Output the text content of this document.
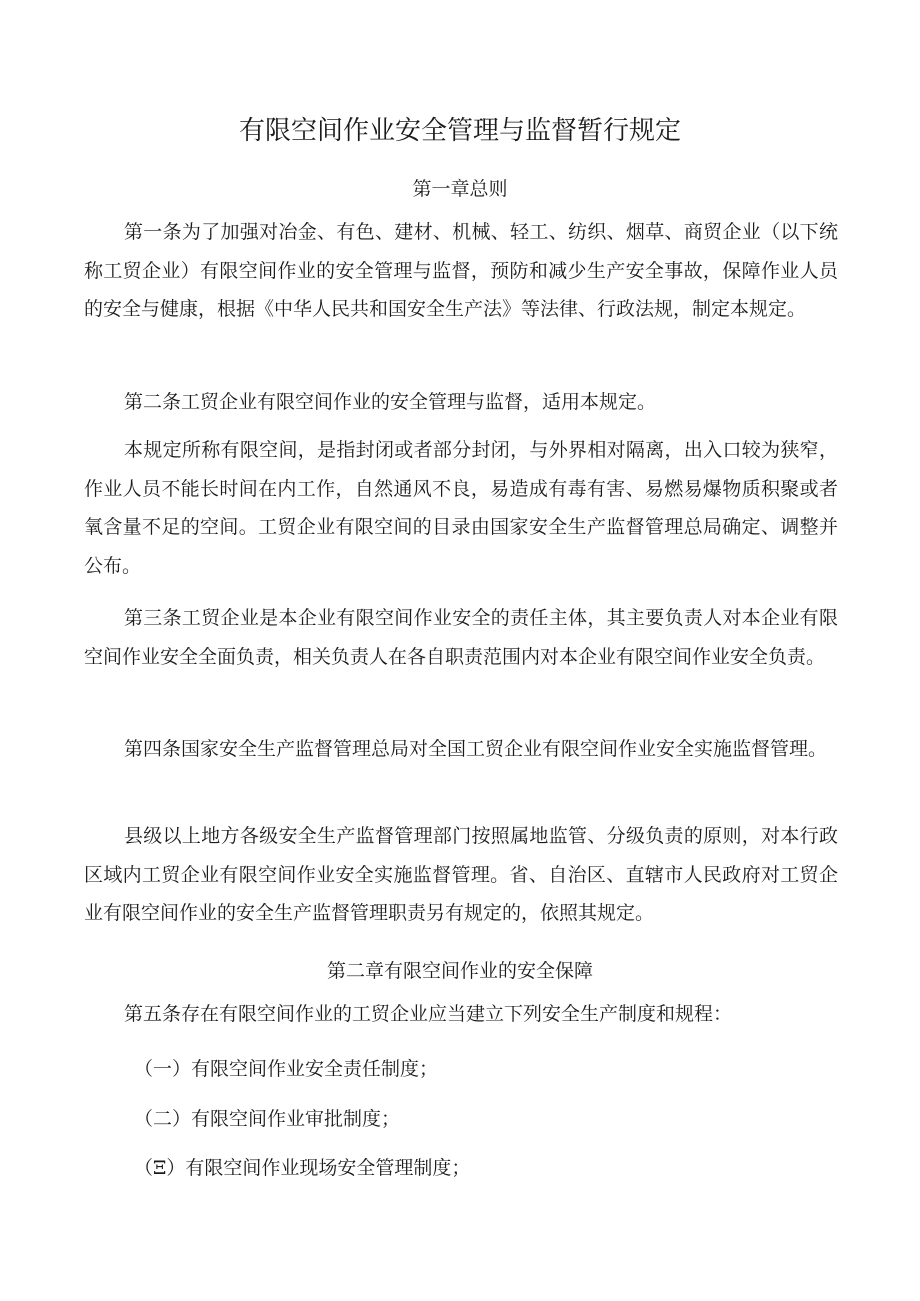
有限空间作业安全管理与监督暂行规定

第一章总则

第一条为了加强对冶金、有色、建材、机械、轻工、纺织、烟草、商贸企业（以下统称工贸企业）有限空间作业的安全管理与监督，预防和减少生产安全事故，保障作业人员的安全与健康，根据《中华人民共和国安全生产法》等法律、行政法规，制定本规定。

第二条工贸企业有限空间作业的安全管理与监督，适用本规定。

本规定所称有限空间，是指封闭或者部分封闭，与外界相对隔离，出入口较为狭窄，作业人员不能长时间在内工作，自然通风不良，易造成有毒有害、易燃易爆物质积聚或者氧含量不足的空间。工贸企业有限空间的目录由国家安全生产监督管理总局确定、调整并公布。

第三条工贸企业是本企业有限空间作业安全的责任主体，其主要负责人对本企业有限空间作业安全全面负责，相关负责人在各自职责范围内对本企业有限空间作业安全负责。

第四条国家安全生产监督管理总局对全国工贸企业有限空间作业安全实施监督管理。

县级以上地方各级安全生产监督管理部门按照属地监管、分级负责的原则，对本行政区域内工贸企业有限空间作业安全实施监督管理。省、自治区、直辖市人民政府对工贸企业有限空间作业的安全生产监督管理职责另有规定的，依照其规定。

第二章有限空间作业的安全保障

第五条存在有限空间作业的工贸企业应当建立下列安全生产制度和规程：

（一）有限空间作业安全责任制度；

（二）有限空间作业审批制度；

（Ξ）有限空间作业现场安全管理制度；
